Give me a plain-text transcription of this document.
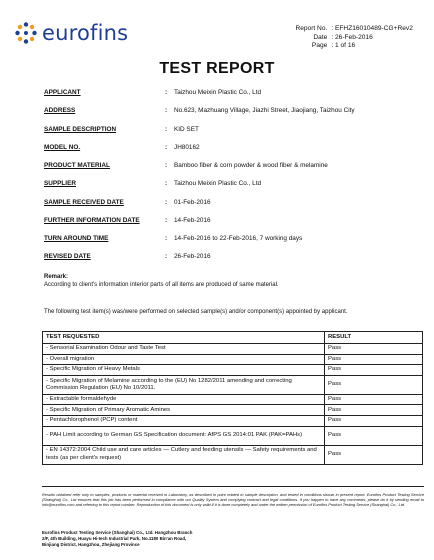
eurofins	Report No. : EFHZ16010489-CG+Rev2
Date : 26-Feb-2016
Page : 1 of 16
TEST REPORT
APPLICANT	: Taizhou Meixin Plastic Co., Ltd
ADDRESS	: No.623, Mazhuang Village, Jiazhi Street, Jiaojiang, Taizhou City
SAMPLE DESCRIPTION	: KID SET
MODEL NO.	: JH80162
PRODUCT MATERIAL	: Bamboo fiber & corn powder & wood fiber & melamine
SUPPLIER	: Taizhou Meixin Plastic Co., Ltd
SAMPLE RECEIVED DATE	: 01-Feb-2016
FURTHER INFORMATION DATE	: 14-Feb-2016
TURN AROUND TIME	: 14-Feb-2016 to 22-Feb-2016, 7 working days
REVISED DATE	: 26-Feb-2016
Remark:
According to client's information interior parts of all items are produced of same material.
The following test item(s) was/were performed on selected sample(s) and/or component(s) appointed by applicant.
TEST REQUESTED	RESULT
- Sensorial Examination Odour and Taste Test	Pass
- Overall migration	Pass
- Specific Migration of Heavy Metals	Pass
- Specific Migration of Melamine according to the (EU) No 1282/2011 amending and correcting Commission Regulation (EU) No 10/2011.	Pass
- Extractable formaldehyde	Pass
- Specific Migration of Primary Aromatic Amines	Pass
- Pentachlorophenol (PCP) content	Pass
- PAH Limit according to German GS Specification document: AfPS GS 2014:01 PAK (PAK=PAHs)	Pass
- EN 14372:2004 Child use and care articles — Cutlery and feeding utensils — Safety requirements and tests (as per client's request)	Pass
Results obtained refer only to samples, products or material received in Laboratory, as described in point related to sample description, and tested in conditions shown in present report. Eurofins Product Testing Service (Shanghai) Co., Ltd ensures that this job has been performed in compliance with our Quality System and complying contract and legal conditions. If you happen to have any comments, please do it by sending email to info@eurofins.com and referring to this report number. Reproduction of this document is only valid if it is done completely and under the written permission of Eurofins Product Testing Service (Shanghai) Co., Ltd.
Eurofins Product Testing Service (Shanghai) Co., Ltd. Hangzhou Branch
2/F, 4th Building, Huayu Hi-tech Industrial Park, No.1180 Bin'an Road,
Binjiang District, Hangzhou, Zhejiang Province
